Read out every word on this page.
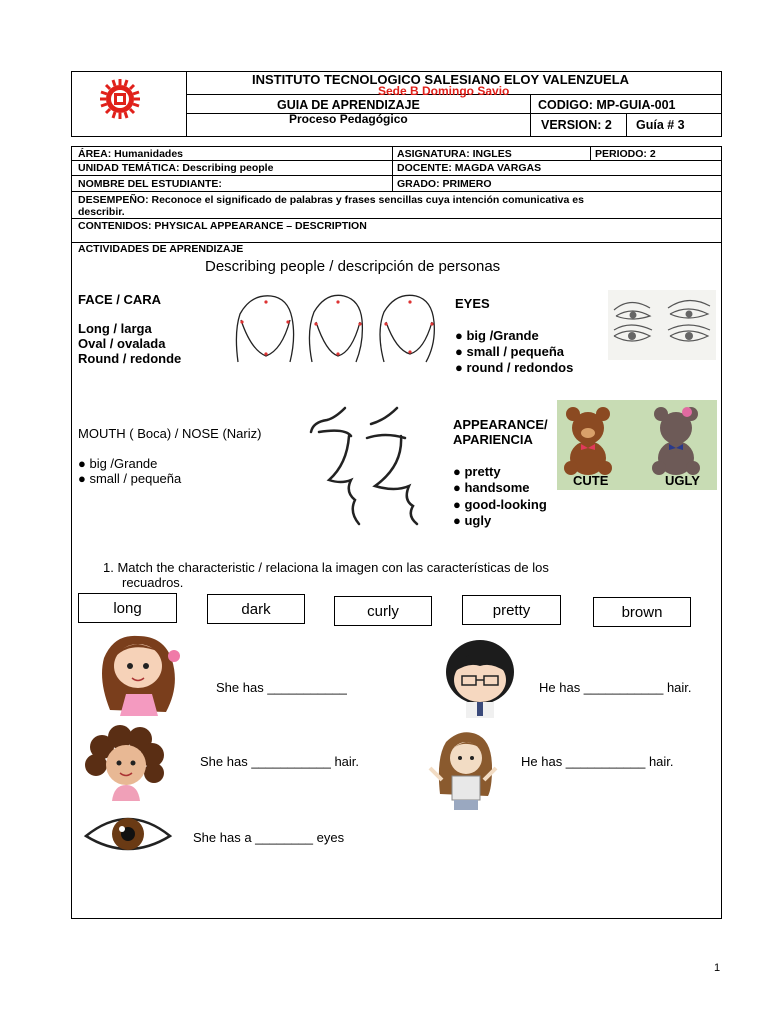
INSTITUTO TECNOLOGICO SALESIANO ELOY VALENZUELA
Sede B Domingo Savio
GUIA DE APRENDIZAJE
Proceso Pedagógico
CODIGO: MP-GUIA-001
VERSION: 2 Guía # 3
ÁREA: Humanidades	ASIGNATURA: INGLES	PERIODO: 2
UNIDAD TEMÁTICA: Describing people	DOCENTE: MAGDA VARGAS
NOMBRE DEL ESTUDIANTE:	GRADO: PRIMERO
DESEMPEÑO: Reconoce el significado de palabras y frases sencillas cuya intención comunicativa es
describir.
CONTENIDOS: PHYSICAL APPEARANCE – DESCRIPTION
ACTIVIDADES DE APRENDIZAJE
Describing people / descripción de personas
FACE / CARA
Long / larga
Oval / ovalada
Round / redonde
EYES
● big /Grande
● small / pequeña
● round / redondos
MOUTH ( Boca) / NOSE (Nariz)
● big /Grande
● small / pequeña
APPEARANCE/
APARIENCIA
● pretty
● handsome
● good-looking
● ugly
CUTE	UGLY
1. Match the characteristic / relaciona la imagen con las características de los
recuadros.
long	dark	curly	pretty	brown
She has ___________	He has ___________ hair.
She has ___________ hair.	He has ___________ hair.
She has a ________ eyes
1
